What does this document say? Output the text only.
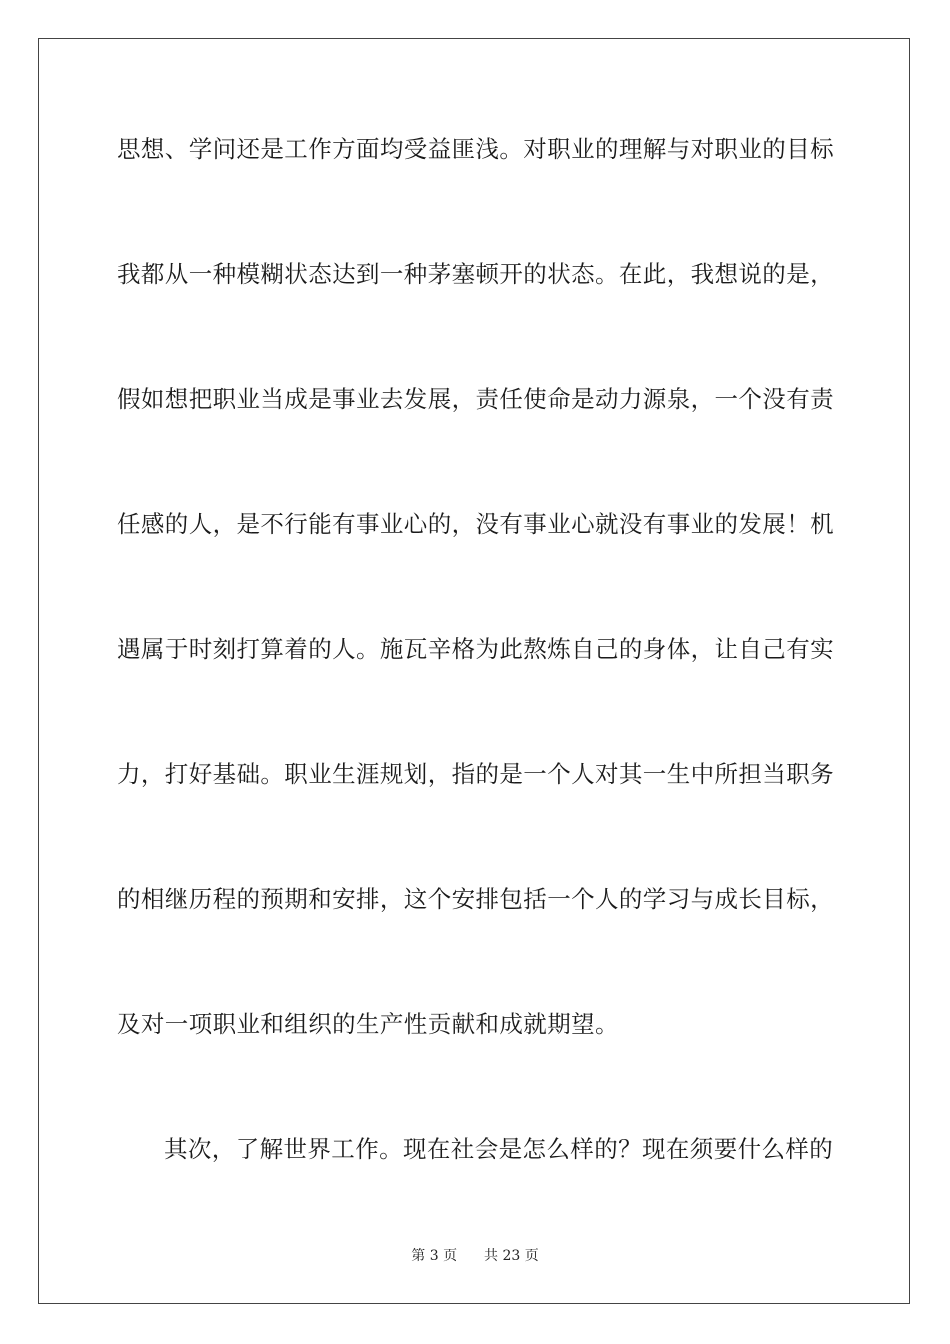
思想、学问还是工作方面均受益匪浅。对职业的理解与对职业的目标
我都从一种模糊状态达到一种茅塞顿开的状态。在此，我想说的是，
假如想把职业当成是事业去发展，责任使命是动力源泉，一个没有责
任感的人，是不行能有事业心的，没有事业心就没有事业的发展！机
遇属于时刻打算着的人。施瓦辛格为此熬炼自己的身体，让自己有实
力，打好基础。职业生涯规划，指的是一个人对其一生中所担当职务
的相继历程的预期和安排，这个安排包括一个人的学习与成长目标，
及对一项职业和组织的生产性贡献和成就期望。
其次，了解世界工作。现在社会是怎么样的？现在须要什么样的
第 3 页 共 23 页
